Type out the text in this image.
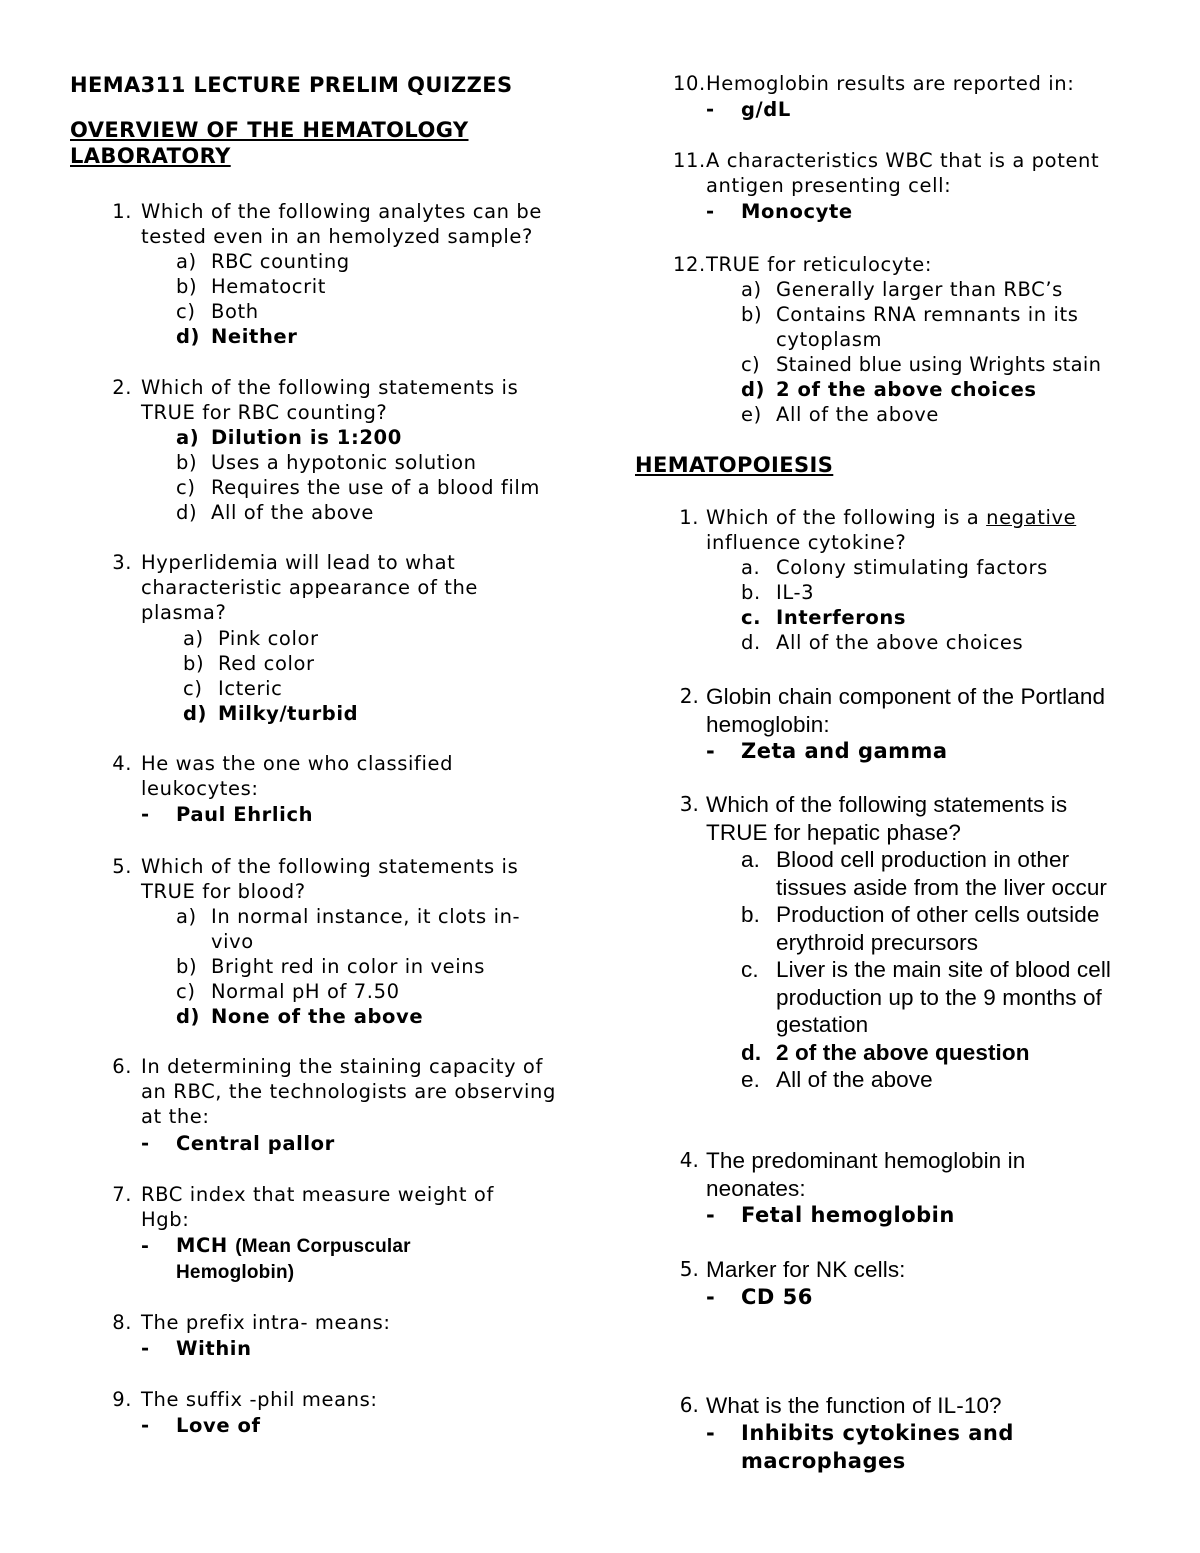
HEMA311 LECTURE PRELIM QUIZZES
OVERVIEW OF THE HEMATOLOGY
LABORATORY
1. Which of the following analytes can be tested even in an hemolyzed sample?
a) RBC counting
b) Hematocrit
c) Both
d) Neither
2. Which of the following statements is TRUE for RBC counting?
a) Dilution is 1:200
b) Uses a hypotonic solution
c) Requires the use of a blood film
d) All of the above
3. Hyperlidemia will lead to what characteristic appearance of the plasma?
a) Pink color
b) Red color
c) Icteric
d) Milky/turbid
4. He was the one who classified leukocytes:
- Paul Ehrlich
5. Which of the following statements is TRUE for blood?
a) In normal instance, it clots in-vivo
b) Bright red in color in veins
c) Normal pH of 7.50
d) None of the above
6. In determining the staining capacity of an RBC, the technologists are observing at the:
- Central pallor
7. RBC index that measure weight of Hgb:
- MCH (Mean Corpuscular Hemoglobin)
8. The prefix intra- means:
- Within
9. The suffix -phil means:
- Love of
10. Hemoglobin results are reported in:
- g/dL
11. A characteristics WBC that is a potent antigen presenting cell:
- Monocyte
12. TRUE for reticulocyte:
a) Generally larger than RBC’s
b) Contains RNA remnants in its cytoplasm
c) Stained blue using Wrights stain
d) 2 of the above choices
e) All of the above
HEMATOPOIESIS
1. Which of the following is a negative influence cytokine?
a. Colony stimulating factors
b. IL-3
c. Interferons
d. All of the above choices
2. Globin chain component of the Portland hemoglobin:
- Zeta and gamma
3. Which of the following statements is TRUE for hepatic phase?
a. Blood cell production in other tissues aside from the liver occur
b. Production of other cells outside erythroid precursors
c. Liver is the main site of blood cell production up to the 9 months of gestation
d. 2 of the above question
e. All of the above
4. The predominant hemoglobin in neonates:
- Fetal hemoglobin
5. Marker for NK cells:
- CD 56
6. What is the function of IL-10?
- Inhibits cytokines and macrophages
